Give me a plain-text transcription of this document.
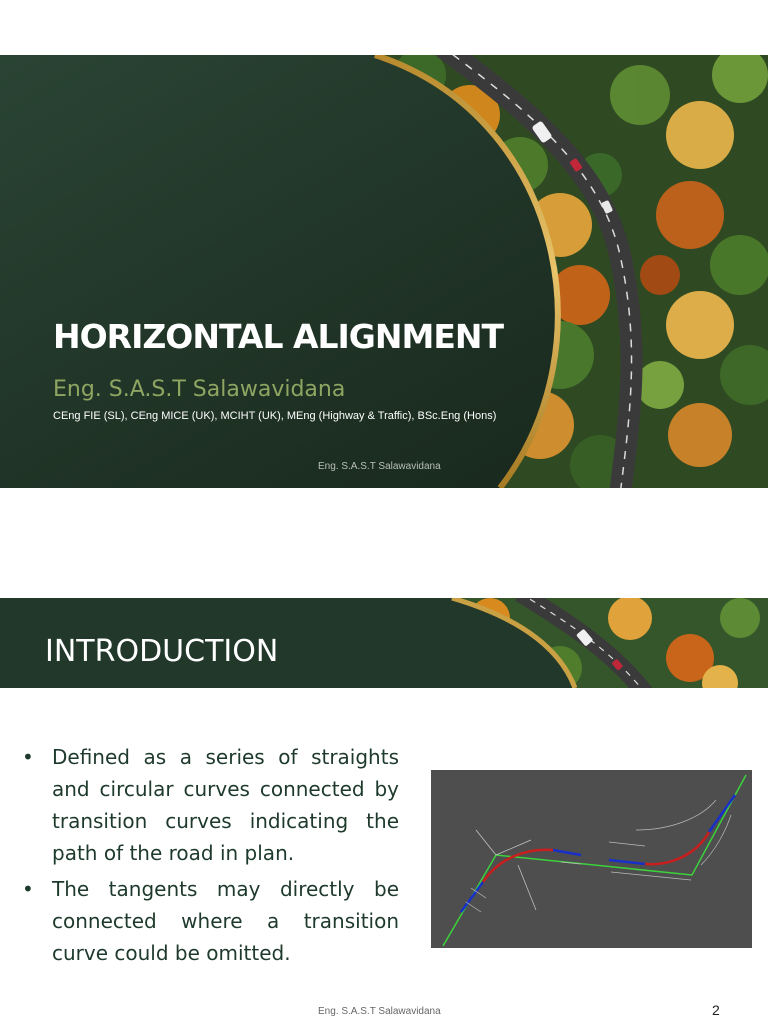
HORIZONTAL ALIGNMENT
Eng. S.A.S.T Salawavidana
CEng FIE (SL), CEng MICE (UK), MCIHT (UK), MEng (Highway & Traffic), BSc.Eng (Hons)
Eng. S.A.S.T Salawavidana
INTRODUCTION
• Defined as a series of straights and circular curves connected by transition curves indicating the path of the road in plan.
• The tangents may directly be connected where a transition curve could be omitted.
Eng. S.A.S.T Salawavidana	2
